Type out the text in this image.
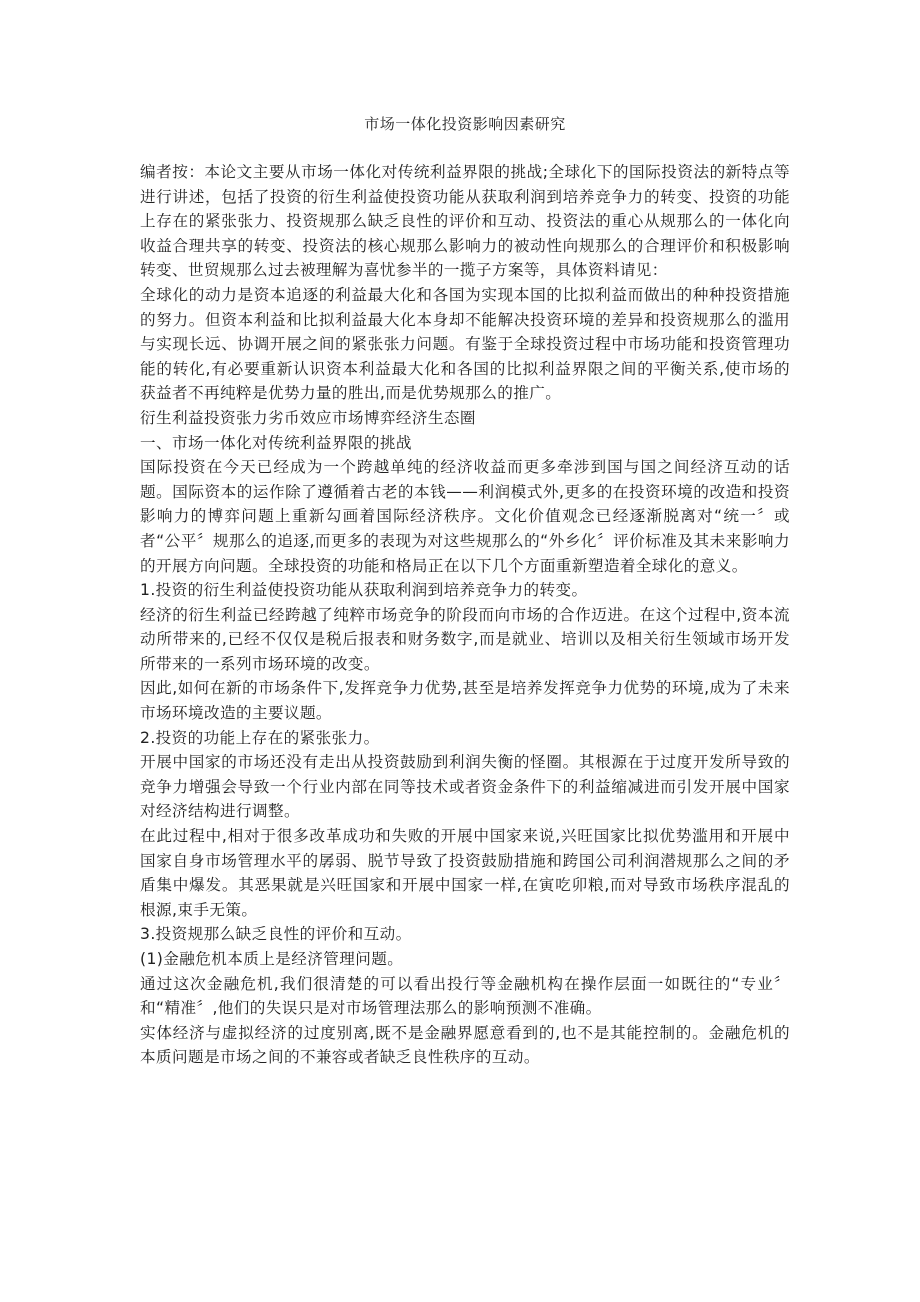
市场一体化投资影响因素研究

编者按：本论文主要从市场一体化对传统利益界限的挑战;全球化下的国际投资法的新特点等进行讲述，包括了投资的衍生利益使投资功能从获取利润到培养竞争力的转变、投资的功能上存在的紧张张力、投资规那么缺乏良性的评价和互动、投资法的重心从规那么的一体化向收益合理共享的转变、投资法的核心规那么影响力的被动性向规那么的合理评价和积极影响转变、世贸规那么过去被理解为喜忧参半的一揽子方案等，具体资料请见：

全球化的动力是资本追逐的利益最大化和各国为实现本国的比拟利益而做出的种种投资措施的努力。但资本利益和比拟利益最大化本身却不能解决投资环境的差异和投资规那么的滥用与实现长远、协调开展之间的紧张张力问题。有鉴于全球投资过程中市场功能和投资管理功能的转化,有必要重新认识资本利益最大化和各国的比拟利益界限之间的平衡关系,使市场的获益者不再纯粹是优势力量的胜出,而是优势规那么的推广。

衍生利益投资张力劣币效应市场博弈经济生态圈

一、市场一体化对传统利益界限的挑战

国际投资在今天已经成为一个跨越单纯的经济收益而更多牵涉到国与国之间经济互动的话题。国际资本的运作除了遵循着古老的本钱——利润模式外,更多的在投资环境的改造和投资影响力的博弈问题上重新勾画着国际经济秩序。文化价值观念已经逐渐脱离对“统一〞或者“公平〞规那么的追逐,而更多的表现为对这些规那么的“外乡化〞评价标准及其未来影响力的开展方向问题。全球投资的功能和格局正在以下几个方面重新塑造着全球化的意义。

1.投资的衍生利益使投资功能从获取利润到培养竞争力的转变。

经济的衍生利益已经跨越了纯粹市场竞争的阶段而向市场的合作迈进。在这个过程中,资本流动所带来的,已经不仅仅是税后报表和财务数字,而是就业、培训以及相关衍生领域市场开发所带来的一系列市场环境的改变。

因此,如何在新的市场条件下,发挥竞争力优势,甚至是培养发挥竞争力优势的环境,成为了未来市场环境改造的主要议题。

2.投资的功能上存在的紧张张力。

开展中国家的市场还没有走出从投资鼓励到利润失衡的怪圈。其根源在于过度开发所导致的竞争力增强会导致一个行业内部在同等技术或者资金条件下的利益缩减进而引发开展中国家对经济结构进行调整。

在此过程中,相对于很多改革成功和失败的开展中国家来说,兴旺国家比拟优势滥用和开展中国家自身市场管理水平的孱弱、脱节导致了投资鼓励措施和跨国公司利润潜规那么之间的矛盾集中爆发。其恶果就是兴旺国家和开展中国家一样,在寅吃卯粮,而对导致市场秩序混乱的根源,束手无策。

3.投资规那么缺乏良性的评价和互动。

(1)金融危机本质上是经济管理问题。

通过这次金融危机,我们很清楚的可以看出投行等金融机构在操作层面一如既往的“专业〞和“精准〞,他们的失误只是对市场管理法那么的影响预测不准确。

实体经济与虚拟经济的过度别离,既不是金融界愿意看到的,也不是其能控制的。金融危机的本质问题是市场之间的不兼容或者缺乏良性秩序的互动。
